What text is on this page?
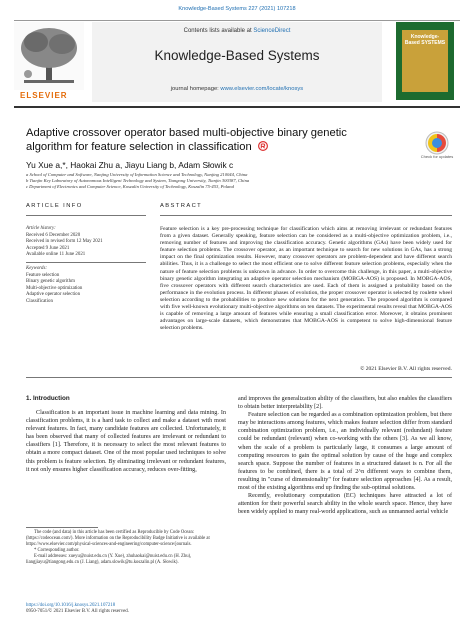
Knowledge-Based Systems 227 (2021) 107218
ELSEVIER
Contents lists available at ScienceDirect
Knowledge-Based Systems
journal homepage: www.elsevier.com/locate/knosys
Knowledge-Based SYSTEMS
Adaptive crossover operator based multi-objective binary genetic
algorithm for feature selection in classification
Check for updates
Yu Xue a,*, Haokai Zhu a, Jiayu Liang b, Adam Słowik c
a School of Computer and Software, Nanjing University of Information Science and Technology, Nanjing 210044, China
b Tianjin Key Laboratory of Autonomous Intelligent Technology and System, Tiangong University, Tianjin 300387, China
c Department of Electronics and Computer Science, Koszalin University of Technology, Koszalin 75-453, Poland
ARTICLE INFO	ABSTRACT
Article history:
Received 6 December 2020
Received in revised form 12 May 2021
Accepted 9 June 2021
Available online 11 June 2021
Keywords:
Feature selection
Binary genetic algorithm
Multi-objective optimization
Adaptive operator selection
Classification
Feature selection is a key pre-processing technique for classification which aims at removing irrelevant or redundant features from a given dataset. Generally speaking, feature selection can be considered as a multi-objective optimization problem, i.e., removing number of features and improving the classification accuracy. Genetic algorithms (GAs) have been widely used for feature selection problems. The crossover operator, as an important technique to search for new solutions in GAs, has a strong impact on the final optimization results. However, many crossover operators are problem-dependent and have different search abilities. Thus, it is a challenge to select the most efficient one to solve different feature selection problems, especially when the nature of feature selection problems is unknown in advance. In order to overcome this challenge, in this paper, a multi-objective binary genetic algorithm integrating an adaptive operator selection mechanism (MOBGA-AOS) is proposed. In MOBGA-AOS, five crossover operators with different search characteristics are used. Each of them is assigned a probability based on the performance in the evolution process. In different phases of evolution, the proper crossover operator is selected by roulette wheel selection according to the probabilities to produce new solutions for the next generation. The proposed algorithm is compared with five well-known evolutionary multi-objective algorithms on ten datasets. The experimental results reveal that MOBGA-AOS is capable of removing a large amount of features while ensuring a small classification error. Moreover, it obtains prominent advantages on large-scale datasets, which demonstrates that MOBGA-AOS is competent to solve high-dimensional feature selection problems.
© 2021 Elsevier B.V. All rights reserved.
1. Introduction
Classification is an important issue in machine learning and data mining. In classification problems, it is a hard task to collect and make a dataset with most relevant features. In fact, many candidate features are collected. Unfortunately, it has been observed that many of collected features are irrelevant or redundant to classifiers [1]. Therefore, it is necessary to select the most relevant features to obtain a more compact dataset. One of the most popular used techniques to solve this problem is feature selection. By eliminating irrelevant or redundant features, it not only ensures higher classification accuracy, reduces over-fitting,
and improves the generalization ability of the classifiers, but also enables the classifiers to obtain better interpretability [2].
Feature selection can be regarded as a combination optimization problem, but there may be interactions among features, which makes feature selection differ from standard combination optimization problem, i.e., an individually relevant (redundant) feature could be redundant (relevant) when co-working with the others [3]. As we all know, when the scale of a problem is particularly large, it consumes a large amount of computing resources to gain the optimal solution by cause of the huge and complex search space. Suppose the number of features in a structured dataset is n. For all the features to be combined, there is a total of 2^n different ways to combine them, resulting in "curse of dimensionality" for feature selection approaches [4]. As a result, most of the existing algorithms end up finding the sub-optimal solutions.
Recently, evolutionary computation (EC) techniques have attracted a lot of attention for their powerful search ability in the whole search space. Hence, they have been widely applied to many real-world applications, such as unmanned aerial vehicle
The code (and data) in this article has been certified as Reproducible by Code Ocean: (https://codeocean.com/). More information on the Reproducibility Badge Initiative is available at https://www.elsevier.com/physical-sciences-and-engineering/computer-science/journals.
* Corresponding author.
E-mail addresses: xueyu@nuist.edu.cn (Y. Xue), zhuhaokai@nuist.edu.cn (H. Zhu), liangjiayu@tiangong.edu.cn (J. Liang), adam.slowik@tu.koszalin.pl (A. Słowik).
https://doi.org/10.1016/j.knosys.2021.107218
0950-7051/© 2021 Elsevier B.V. All rights reserved.
